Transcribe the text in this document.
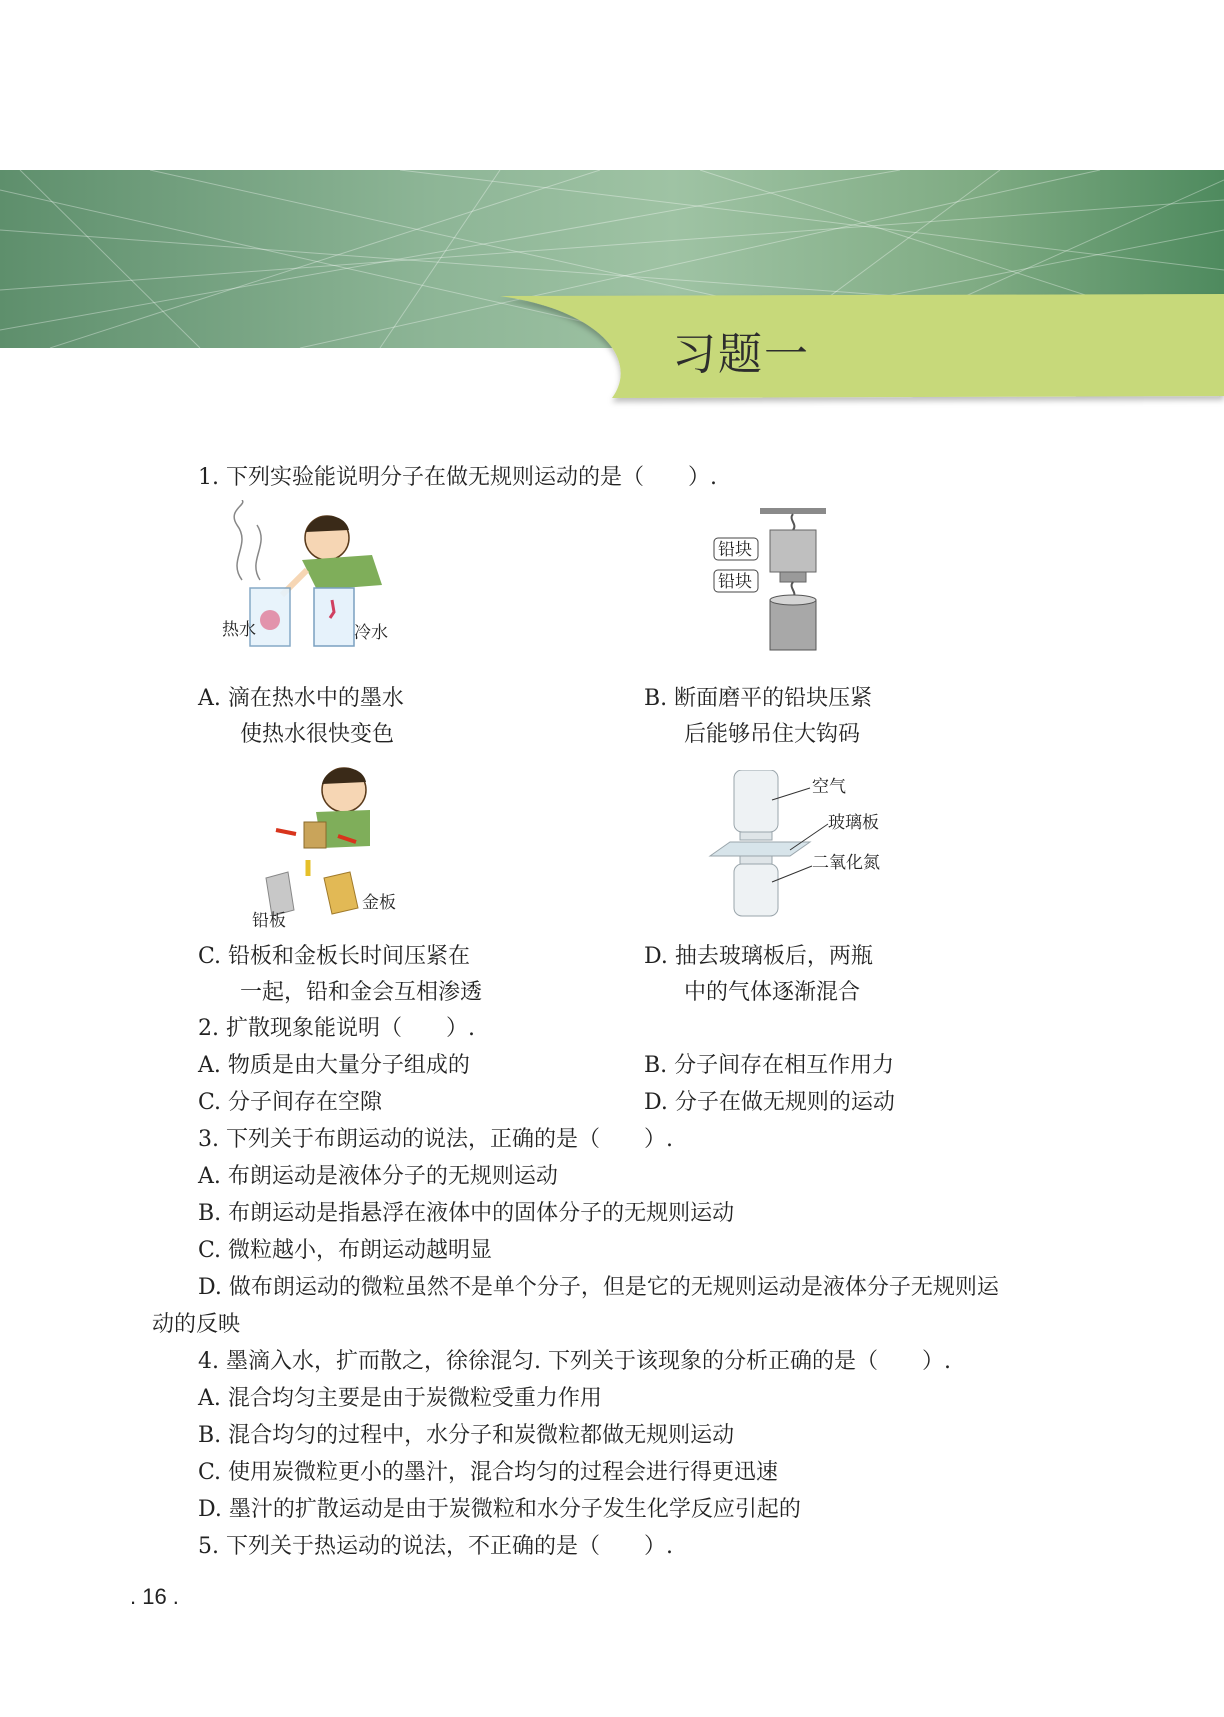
习题一
1. 下列实验能说明分子在做无规则运动的是（　　）.
热水	冷水
铅块
铅块
A. 滴在热水中的墨水
使热水很快变色
B. 断面磨平的铅块压紧
后能够吊住大钩码
铅板
金板
空气
玻璃板
二氧化氮
C. 铅板和金板长时间压紧在
一起，铅和金会互相渗透
D. 抽去玻璃板后，两瓶
中的气体逐渐混合
2. 扩散现象能说明（　　）.
A. 物质是由大量分子组成的	B. 分子间存在相互作用力
C. 分子间存在空隙	D. 分子在做无规则的运动
3. 下列关于布朗运动的说法，正确的是（　　）.
A. 布朗运动是液体分子的无规则运动
B. 布朗运动是指悬浮在液体中的固体分子的无规则运动
C. 微粒越小，布朗运动越明显
D. 做布朗运动的微粒虽然不是单个分子，但是它的无规则运动是液体分子无规则运
动的反映
4. 墨滴入水，扩而散之，徐徐混匀. 下列关于该现象的分析正确的是（　　）.
A. 混合均匀主要是由于炭微粒受重力作用
B. 混合均匀的过程中，水分子和炭微粒都做无规则运动
C. 使用炭微粒更小的墨汁，混合均匀的过程会进行得更迅速
D. 墨汁的扩散运动是由于炭微粒和水分子发生化学反应引起的
5. 下列关于热运动的说法，不正确的是（　　）.
. 16 .
